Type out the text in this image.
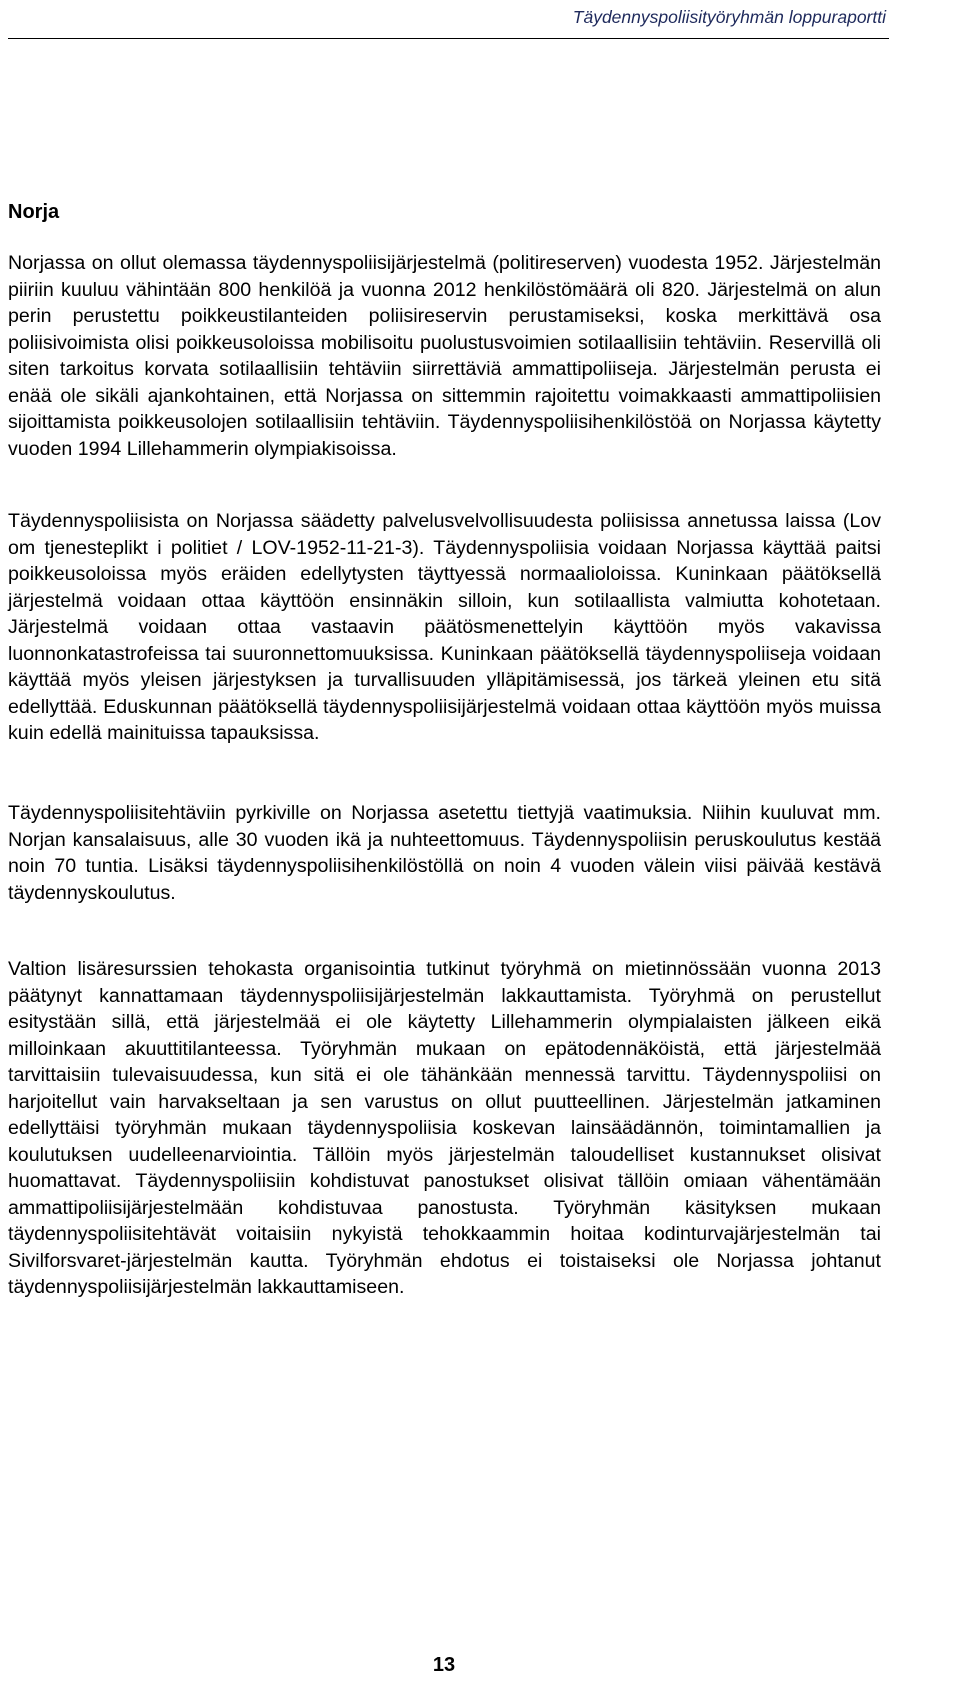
Täydennyspoliisityöryhmän loppuraportti
Norja

Norjassa on ollut olemassa täydennyspoliisijärjestelmä (politireserven) vuodesta 1952. Järjestelmän piiriin kuuluu vähintään 800 henkilöä ja vuonna 2012 henkilöstömäärä oli 820. Järjestelmä on alun perin perustettu poikkeustilanteiden poliisireservin perustamiseksi, koska merkittävä osa poliisivoimista olisi poikkeusoloissa mobilisoitu puolustusvoimien sotilaallisiin tehtäviin. Reservillä oli siten tarkoitus korvata sotilaallisiin tehtäviin siirrettäviä ammattipoliiseja. Järjestelmän perusta ei enää ole sikäli ajankohtainen, että Norjassa on sittemmin rajoitettu voimakkaasti ammattipoliisien sijoittamista poikkeusolojen sotilaallisiin tehtäviin. Täydennyspoliisihenkilöstöä on Norjassa käytetty vuoden 1994 Lillehammerin olympiakisoissa.

Täydennyspoliisista on Norjassa säädetty palvelusvelvollisuudesta poliisissa annetussa laissa (Lov om tjenesteplikt i politiet / LOV-1952-11-21-3). Täydennyspoliisia voidaan Norjassa käyttää paitsi poikkeusoloissa myös eräiden edellytysten täyttyessä normaalioloissa. Kuninkaan päätöksellä järjestelmä voidaan ottaa käyttöön ensinnäkin silloin, kun sotilaallista valmiutta kohotetaan. Järjestelmä voidaan ottaa vastaavin päätösmenettelyin käyttöön myös vakavissa luonnonkatastrofeissa tai suuronnettomuuksissa. Kuninkaan päätöksellä täydennyspoliiseja voidaan käyttää myös yleisen järjestyksen ja turvallisuuden ylläpitämisessä, jos tärkeä yleinen etu sitä edellyttää. Eduskunnan päätöksellä täydennyspoliisijärjestelmä voidaan ottaa käyttöön myös muissa kuin edellä mainituissa tapauksissa.

Täydennyspoliisitehtäviin pyrkiville on Norjassa asetettu tiettyjä vaatimuksia. Niihin kuuluvat mm. Norjan kansalaisuus, alle 30 vuoden ikä ja nuhteettomuus. Täydennyspoliisin peruskoulutus kestää noin 70 tuntia. Lisäksi täydennyspoliisihenkilöstöllä on noin 4 vuoden välein viisi päivää kestävä täydennyskoulutus.

Valtion lisäresurssien tehokasta organisointia tutkinut työryhmä on mietinnössään vuonna 2013 päätynyt kannattamaan täydennyspoliisijärjestelmän lakkauttamista. Työryhmä on perustellut esitystään sillä, että järjestelmää ei ole käytetty Lillehammerin olympialaisten jälkeen eikä milloinkaan akuuttitilanteessa. Työryhmän mukaan on epätodennäköistä, että järjestelmää tarvittaisiin tulevaisuudessa, kun sitä ei ole tähänkään mennessä tarvittu. Täydennyspoliisi on harjoitellut vain harvakseltaan ja sen varustus on ollut puutteellinen. Järjestelmän jatkaminen edellyttäisi työryhmän mukaan täydennyspoliisia koskevan lainsäädännön, toimintamallien ja koulutuksen uudelleenarviointia. Tällöin myös järjestelmän taloudelliset kustannukset olisivat huomattavat. Täydennyspoliisiin kohdistuvat panostukset olisivat tällöin omiaan vähentämään ammattipoliisijärjestelmään kohdistuvaa panostusta. Työryhmän käsityksen mukaan täydennyspoliisitehtävät voitaisiin nykyistä tehokkaammin hoitaa kodinturvajärjestelmän tai Sivilforsvaret-järjestelmän kautta. Työryhmän ehdotus ei toistaiseksi ole Norjassa johtanut täydennyspoliisijärjestelmän lakkauttamiseen.

13
